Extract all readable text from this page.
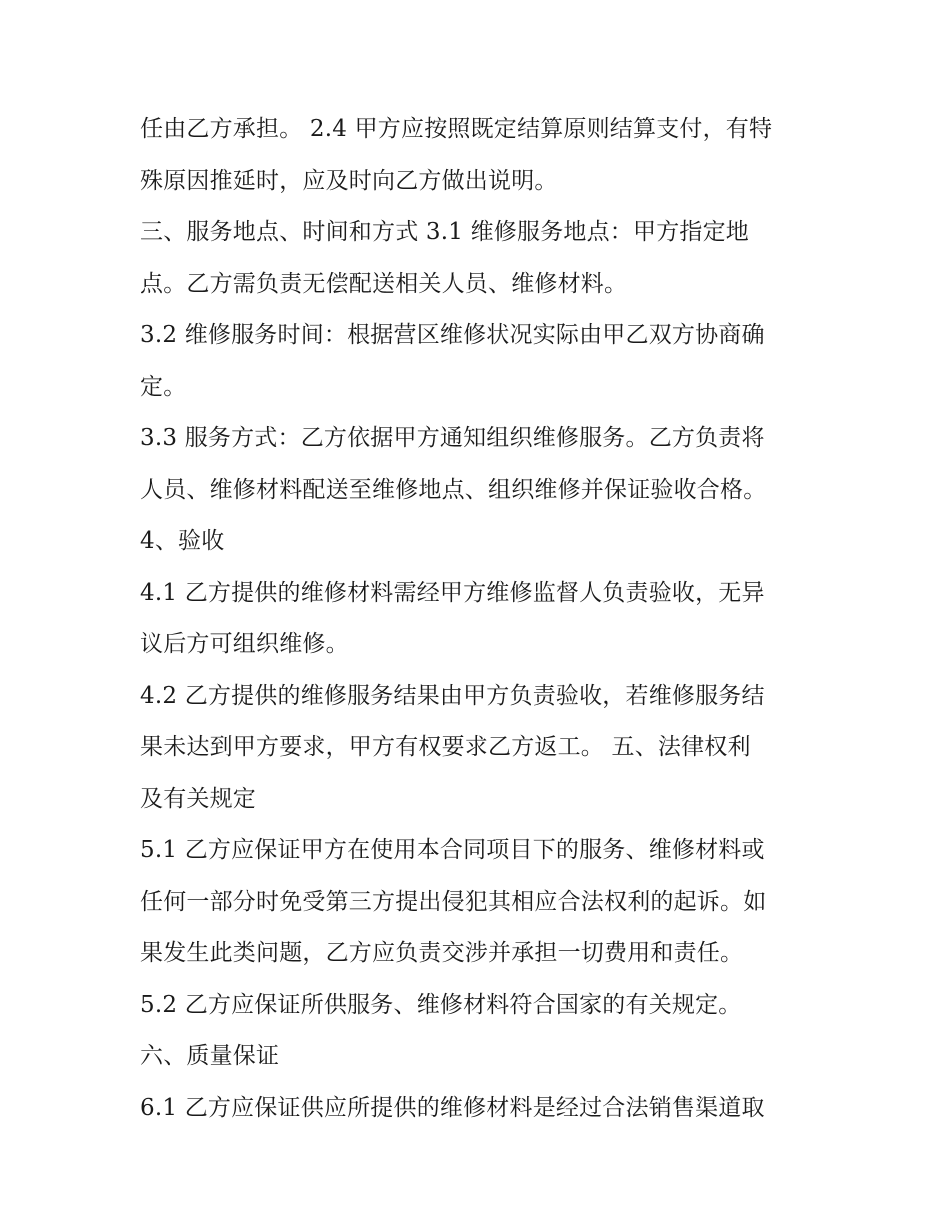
任由乙方承担。 2.4 甲方应按照既定结算原则结算支付，有特
殊原因推延时，应及时向乙方做出说明。
三、服务地点、时间和方式 3.1 维修服务地点：甲方指定地
点。乙方需负责无偿配送相关人员、维修材料。
3.2 维修服务时间：根据营区维修状况实际由甲乙双方协商确
定。
3.3 服务方式：乙方依据甲方通知组织维修服务。乙方负责将
人员、维修材料配送至维修地点、组织维修并保证验收合格。
4、验收
4.1 乙方提供的维修材料需经甲方维修监督人负责验收，无异
议后方可组织维修。
4.2 乙方提供的维修服务结果由甲方负责验收，若维修服务结
果未达到甲方要求，甲方有权要求乙方返工。 五、法律权利
及有关规定
5.1 乙方应保证甲方在使用本合同项目下的服务、维修材料或
任何一部分时免受第三方提出侵犯其相应合法权利的起诉。如
果发生此类问题，乙方应负责交涉并承担一切费用和责任。
5.2 乙方应保证所供服务、维修材料符合国家的有关规定。
六、质量保证
6.1 乙方应保证供应所提供的维修材料是经过合法销售渠道取
